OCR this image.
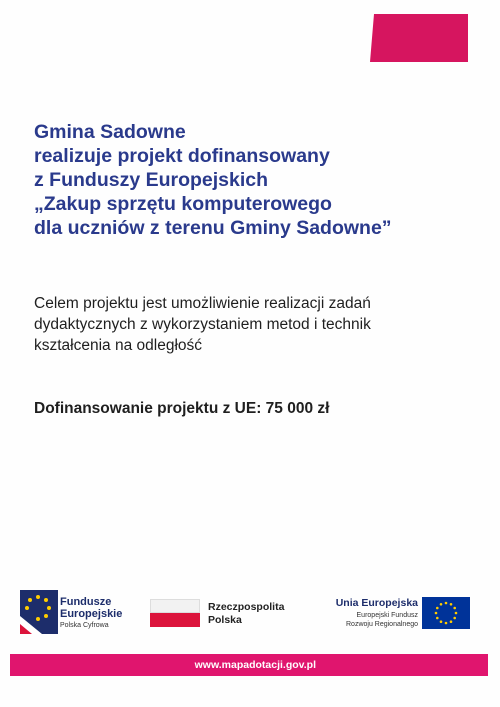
Gmina Sadowne
realizuje projekt dofinansowany
z Funduszy Europejskich
„Zakup sprzętu komputerowego
dla uczniów z terenu Gminy Sadowne”
Celem projektu jest umożliwienie realizacji zadań
dydaktycznych z wykorzystaniem metod i technik
kształcenia na odległość
Dofinansowanie projektu z UE: 75 000 zł
Fundusze
Europejskie
Polska Cyfrowa
Rzeczpospolita
Polska
Unia Europejska
Europejski Fundusz
Rozwoju Regionalnego
www.mapadotacji.gov.pl
